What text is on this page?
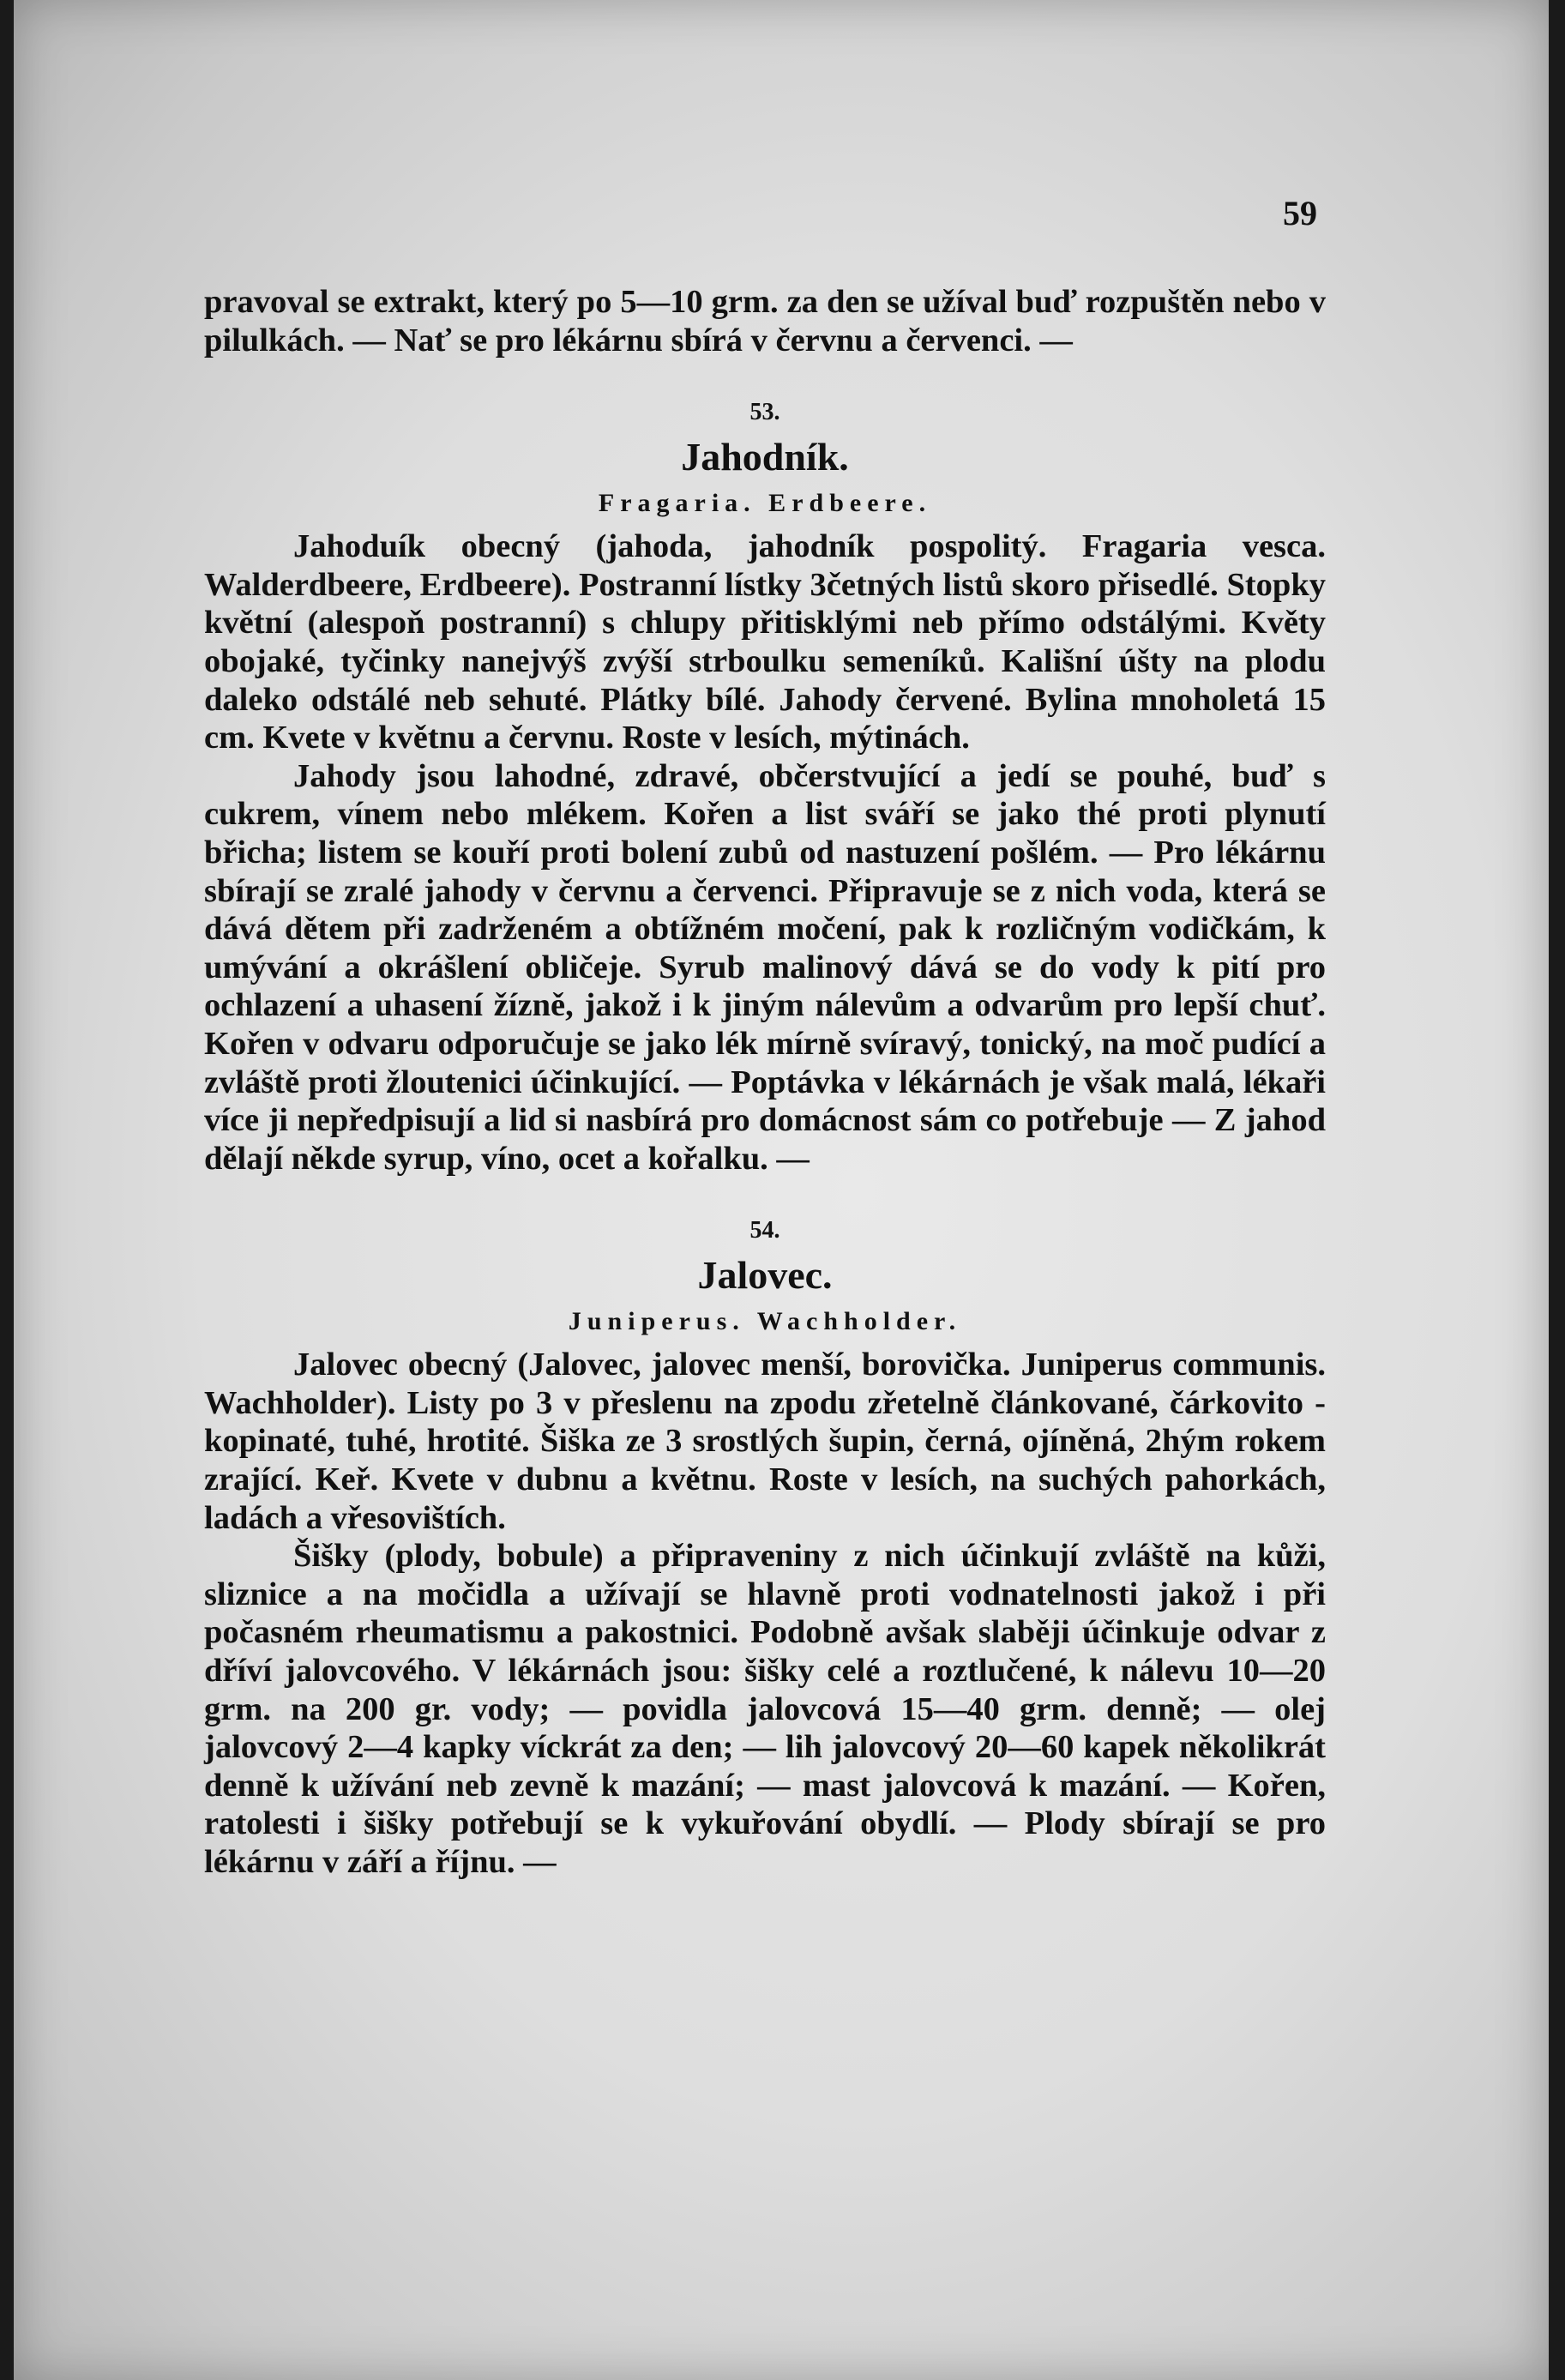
59

pravoval se extrakt, který po 5—10 grm. za den se užíval buď rozpuštěn nebo v pilulkách. — Nať se pro lékárnu sbírá v červnu a červenci. —

53.
Jahodník.
Fragaria. Erdbeere.

Jahoduík obecný (jahoda, jahodník pospolitý. Fragaria vesca. Walderdbeere, Erdbeere). Postranní lístky 3četných listů skoro přisedlé. Stopky květní (alespoň postranní) s chlupy přitisklými neb přímo odstálými. Květy obojaké, tyčinky nanejvýš zvýší strboulku semeníků. Kališní úšty na plodu daleko odstálé neb sehuté. Plátky bílé. Jahody červené. Bylina mnoholetá 15 cm. Kvete v květnu a červnu. Roste v lesích, mýtinách.

Jahody jsou lahodné, zdravé, občerstvující a jedí se pouhé, buď s cukrem, vínem nebo mlékem. Kořen a list sváří se jako thé proti plynutí břicha; listem se kouří proti bolení zubů od nastuzení pošlém. — Pro lékárnu sbírají se zralé jahody v červnu a červenci. Připravuje se z nich voda, která se dává dětem při zadrženém a obtížném močení, pak k rozličným vodičkám, k umývání a okrášlení obličeje. Syrub malinový dává se do vody k pití pro ochlazení a uhasení žízně, jakož i k jiným nálevům a odvarům pro lepší chuť. Kořen v odvaru odporučuje se jako lék mírně svíravý, tonický, na moč pudící a zvláště proti žloutenici účinkující. — Poptávka v lékárnách je však malá, lékaři více ji nepředpisují a lid si nasbírá pro domácnost sám co potřebuje — Z jahod dělají někde syrup, víno, ocet a kořalku. —

54.
Jalovec.
Juniperus. Wachholder.

Jalovec obecný (Jalovec, jalovec menší, borovička. Juniperus communis. Wachholder). Listy po 3 v přeslenu na zpodu zřetelně článkované, čárkovito - kopinaté, tuhé, hrotité. Šiška ze 3 srostlých šupin, černá, ojíněná, 2hým rokem zrající. Keř. Kvete v dubnu a květnu. Roste v lesích, na suchých pahorkách, ladách a vřesovištích.

Šišky (plody, bobule) a připraveniny z nich účinkují zvláště na kůži, sliznice a na močidla a užívají se hlavně proti vodnatelnosti jakož i při počasném rheumatismu a pakostnici. Podobně avšak slaběji účinkuje odvar z dříví jalovcového. V lékárnách jsou: šišky celé a roztlučené, k nálevu 10—20 grm. na 200 gr. vody; — povidla jalovcová 15—40 grm. denně; — olej jalovcový 2—4 kapky víckrát za den; — lih jalovcový 20—60 kapek několikrát denně k užívání neb zevně k mazání; — mast jalovcová k mazání. — Kořen, ratolesti i šišky potřebují se k vykuřování obydlí. — Plody sbírají se pro lékárnu v září a říjnu. —
